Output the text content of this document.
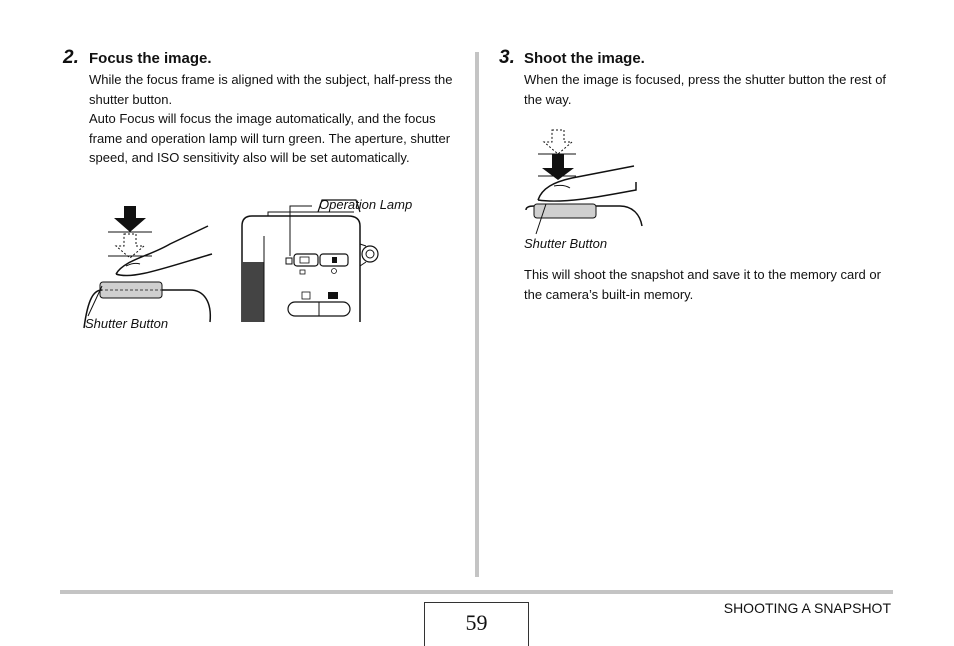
2. Focus the image.
While the focus frame is aligned with the subject, half-press the shutter button.
Auto Focus will focus the image automatically, and the focus frame and operation lamp will turn green. The aperture, shutter speed, and ISO sensitivity also will be set automatically.
Shutter Button
Operation Lamp
3. Shoot the image.
When the image is focused, press the shutter button the rest of the way.
Shutter Button
This will shoot the snapshot and save it to the memory card or the camera’s built-in memory.
59
SHOOTING A SNAPSHOT
